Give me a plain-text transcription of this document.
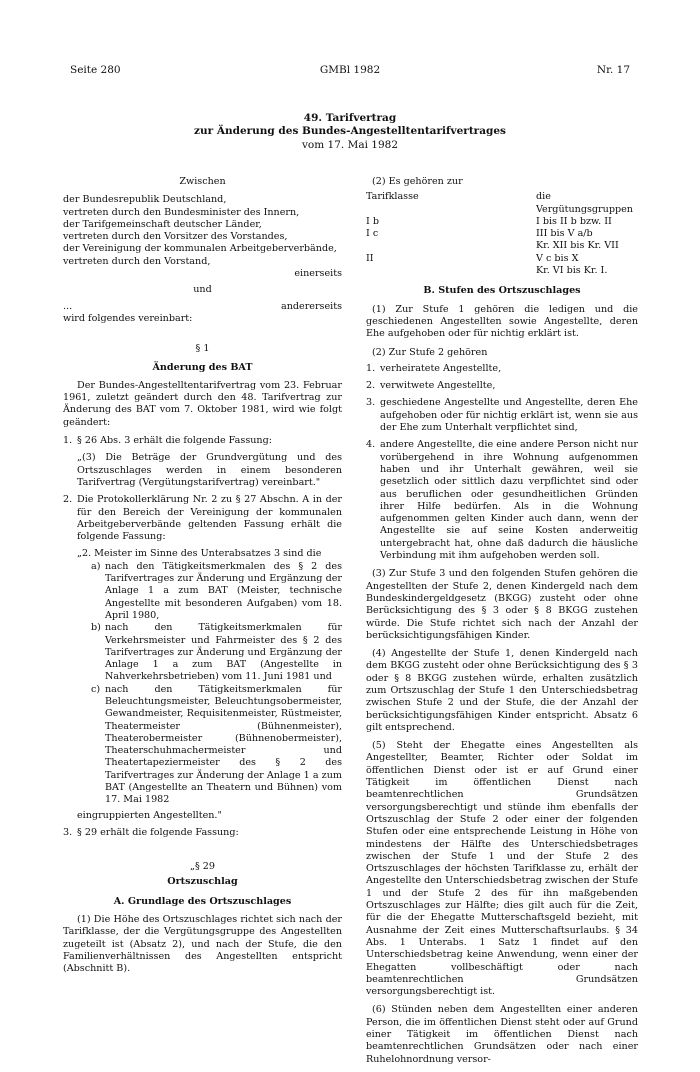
Seite 280	GMBl 1982	Nr. 17
49. Tarifvertrag
zur Änderung des Bundes-Angestelltentarifvertrages
vom 17. Mai 1982

Zwischen

der Bundesrepublik Deutschland,
vertreten durch den Bundesminister des Innern,
der Tarifgemeinschaft deutscher Länder,
vertreten durch den Vorsitzer des Vorstandes,
der Vereinigung der kommunalen Arbeitgeberverbände,
vertreten durch den Vorstand,
einerseits
und
...	andererseits

wird folgendes vereinbart:

§ 1
Änderung des BAT

Der Bundes-Angestelltentarifvertrag vom 23. Februar 1961, zuletzt geändert durch den 48. Tarifvertrag zur Änderung des BAT vom 7. Oktober 1981, wird wie folgt geändert:

1. § 26 Abs. 3 erhält die folgende Fassung:
„(3) Die Beträge der Grundvergütung und des Ortszuschlages werden in einem besonderen Tarifvertrag (Vergütungstarifvertrag) vereinbart."
2. Die Protokollerklärung Nr. 2 zu § 27 Abschn. A in der für den Bereich der Vereinigung der kommunalen Arbeitgeberverbände geltenden Fassung erhält die folgende Fassung:
„2. Meister im Sinne des Unterabsatzes 3 sind die
a) nach den Tätigkeitsmerkmalen des § 2 des Tarifvertrages zur Änderung und Ergänzung der Anlage 1 a zum BAT (Meister, technische Angestellte mit besonderen Aufgaben) vom 18. April 1980,
b) nach den Tätigkeitsmerkmalen für Verkehrsmeister und Fahrmeister des § 2 des Tarifvertrages zur Änderung und Ergänzung der Anlage 1 a zum BAT (Angestellte in Nahverkehrsbetrieben) vom 11. Juni 1981 und
c) nach den Tätigkeitsmerkmalen für Beleuchtungsmeister, Beleuchtungsobermeister, Gewandmeister, Requisitenmeister, Rüstmeister, Theatermeister (Bühnenmeister), Theaterobermeister (Bühnenobermeister), Theaterschuhmachermeister und Theatertapeziermeister des § 2 des Tarifvertrages zur Änderung der Anlage 1 a zum BAT (Angestellte an Theatern und Bühnen) vom 17. Mai 1982
eingruppierten Angestellten."
3. § 29 erhält die folgende Fassung:
„§ 29
Ortszuschlag
A. Grundlage des Ortszuschlages

(1) Die Höhe des Ortszuschlages richtet sich nach der Tarifklasse, der die Vergütungsgruppe des Angestellten zugeteilt ist (Absatz 2), und nach der Stufe, die den Familienverhältnissen des Angestellten entspricht (Abschnitt B).

(2) Es gehören zur

Tarifklasse	die Vergütungsgruppen
I b	I bis II b bzw. II
I c	III bis V a/b
Kr. XII bis Kr. VII
II	V c bis X
Kr. VI bis Kr. I.
B. Stufen des Ortszuschlages

(1) Zur Stufe 1 gehören die ledigen und die geschiedenen Angestellten sowie Angestellte, deren Ehe aufgehoben oder für nichtig erklärt ist.

(2) Zur Stufe 2 gehören

1. verheiratete Angestellte,
2. verwitwete Angestellte,
3. geschiedene Angestellte und Angestellte, deren Ehe aufgehoben oder für nichtig erklärt ist, wenn sie aus der Ehe zum Unterhalt verpflichtet sind,
4. andere Angestellte, die eine andere Person nicht nur vorübergehend in ihre Wohnung aufgenommen haben und ihr Unterhalt gewähren, weil sie gesetzlich oder sittlich dazu verpflichtet sind oder aus beruflichen oder gesundheitlichen Gründen ihrer Hilfe bedürfen. Als in die Wohnung aufgenommen gelten Kinder auch dann, wenn der Angestellte sie auf seine Kosten anderweitig untergebracht hat, ohne daß dadurch die häusliche Verbindung mit ihm aufgehoben werden soll.

(3) Zur Stufe 3 und den folgenden Stufen gehören die Angestellten der Stufe 2, denen Kindergeld nach dem Bundeskindergeldgesetz (BKGG) zusteht oder ohne Berücksichtigung des § 3 oder § 8 BKGG zustehen würde. Die Stufe richtet sich nach der Anzahl der berücksichtigungsfähigen Kinder.

(4) Angestellte der Stufe 1, denen Kindergeld nach dem BKGG zusteht oder ohne Berücksichtigung des § 3 oder § 8 BKGG zustehen würde, erhalten zusätzlich zum Ortszuschlag der Stufe 1 den Unterschiedsbetrag zwischen Stufe 2 und der Stufe, die der Anzahl der berücksichtigungsfähigen Kinder entspricht. Absatz 6 gilt entsprechend.

(5) Steht der Ehegatte eines Angestellten als Angestellter, Beamter, Richter oder Soldat im öffentlichen Dienst oder ist er auf Grund einer Tätigkeit im öffentlichen Dienst nach beamtenrechtlichen Grundsätzen versorgungsberechtigt und stünde ihm ebenfalls der Ortszuschlag der Stufe 2 oder einer der folgenden Stufen oder eine entsprechende Leistung in Höhe von mindestens der Hälfte des Unterschiedsbetrages zwischen der Stufe 1 und der Stufe 2 des Ortszuschlages der höchsten Tarifklasse zu, erhält der Angestellte den Unterschiedsbetrag zwischen der Stufe 1 und der Stufe 2 des für ihn maßgebenden Ortszuschlages zur Hälfte; dies gilt auch für die Zeit, für die der Ehegatte Mutterschaftsgeld bezieht, mit Ausnahme der Zeit eines Mutterschaftsurlaubs. § 34 Abs. 1 Unterabs. 1 Satz 1 findet auf den Unterschiedsbetrag keine Anwendung, wenn einer der Ehegatten vollbeschäftigt oder nach beamtenrechtlichen Grundsätzen versorgungsberechtigt ist.

(6) Stünden neben dem Angestellten einer anderen Person, die im öffentlichen Dienst steht oder auf Grund einer Tätigkeit im öffentlichen Dienst nach beamtenrechtlichen Grundsätzen oder nach einer Ruhelohnordnung versor-
